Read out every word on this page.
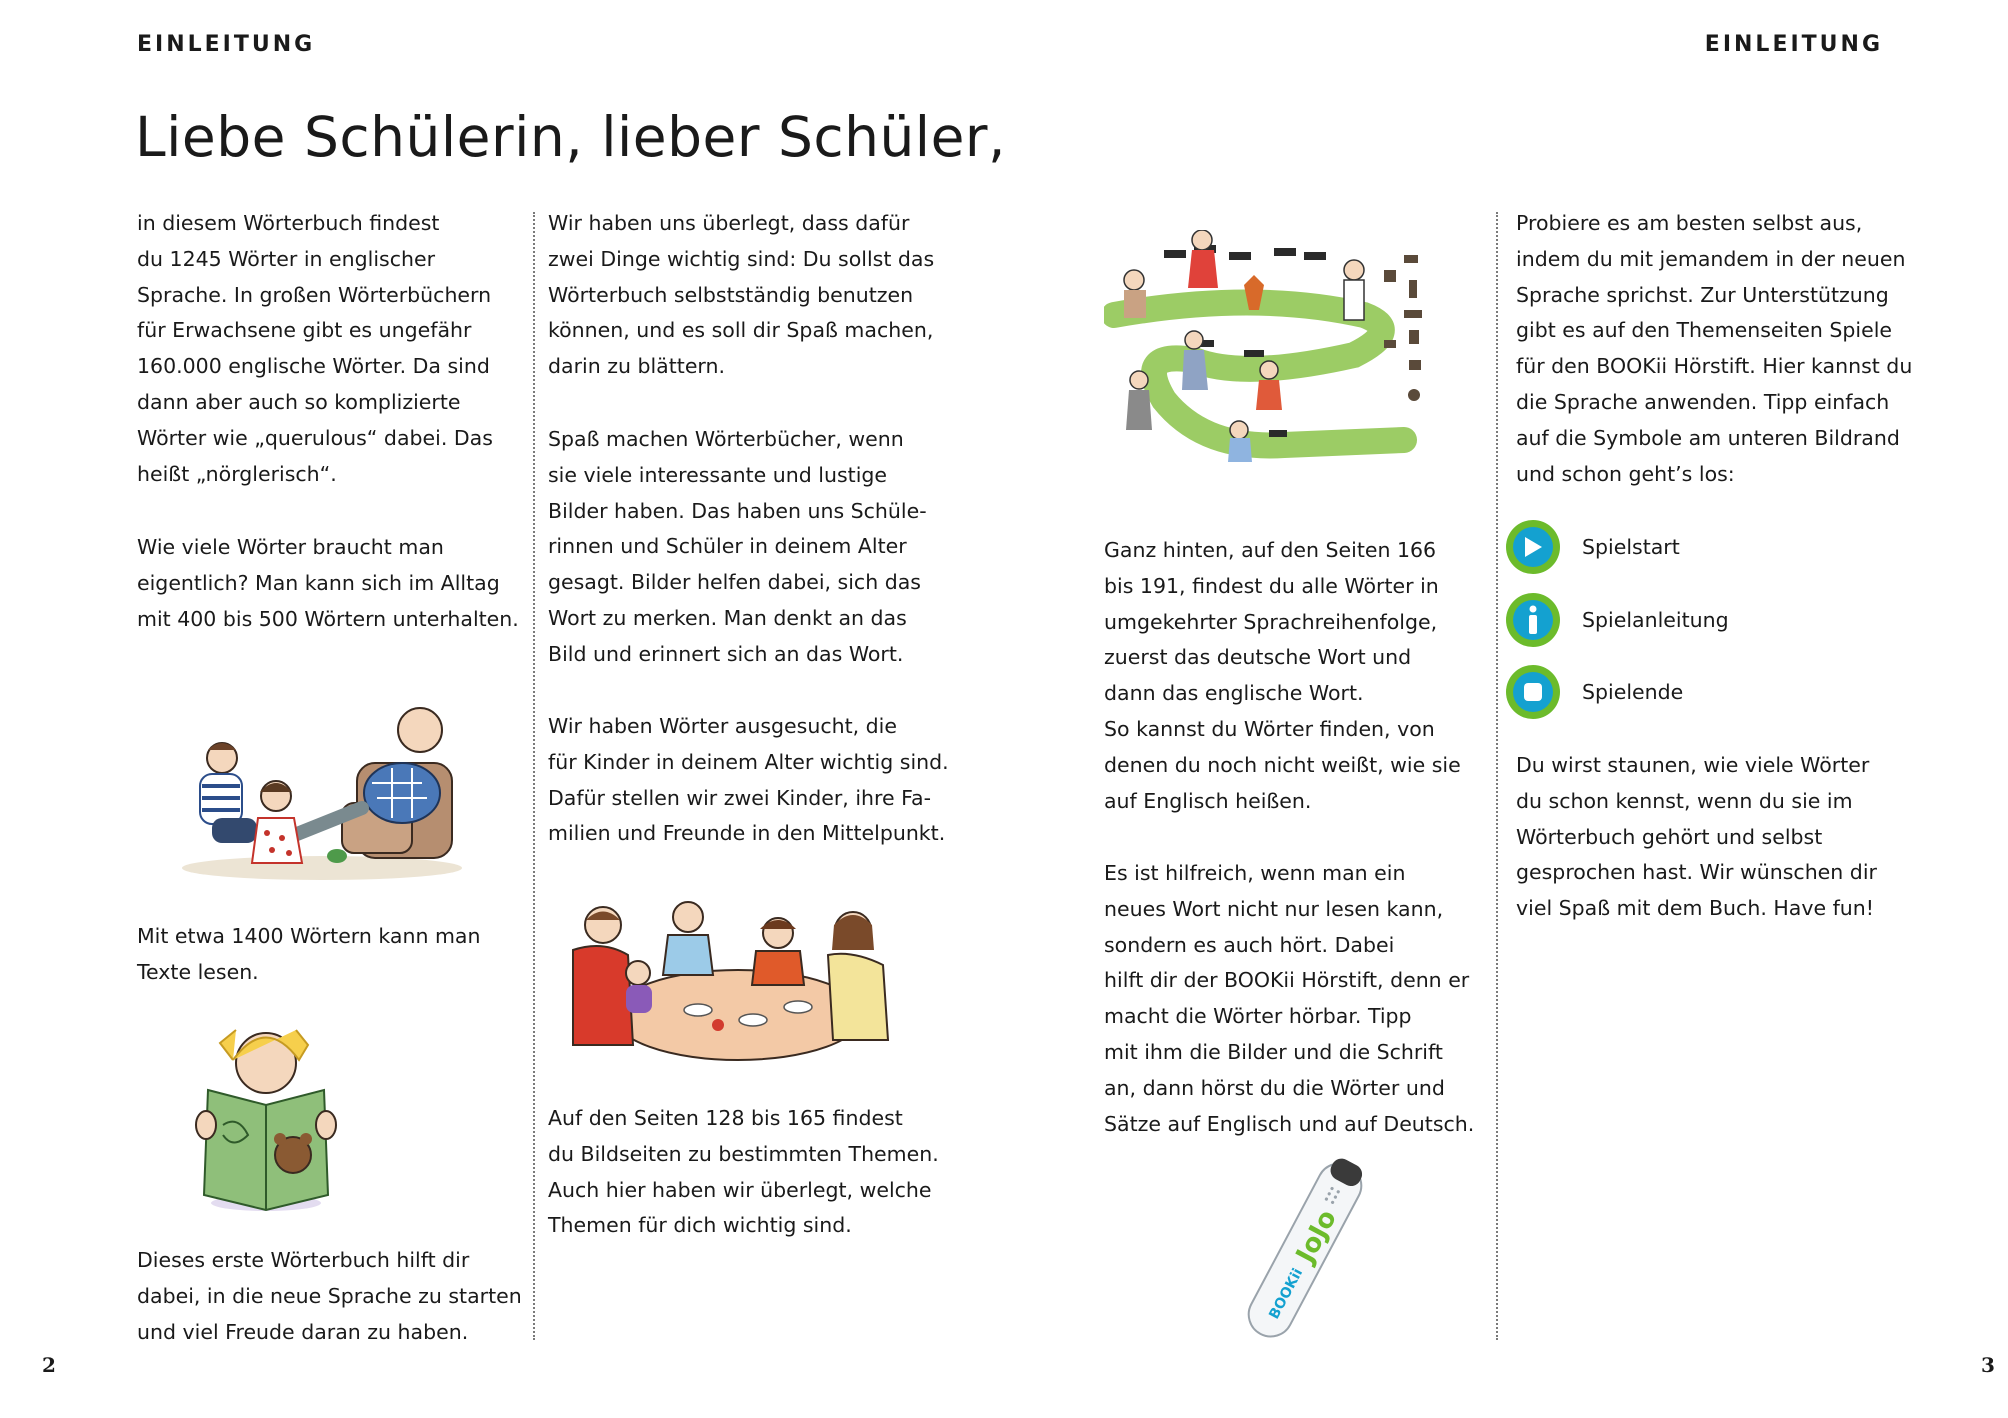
EINLEITUNG	EINLEITUNG
Liebe Schülerin, lieber Schüler,

in diesem Wörterbuch findest

du 1245 Wörter in englischer

Sprache. In großen Wörterbüchern

für Erwachsene gibt es ungefähr

160.000 englische Wörter. Da sind

dann aber auch so komplizierte

Wörter wie „querulous“ dabei. Das

heißt „nörglerisch“.

Wie viele Wörter braucht man

eigentlich? Man kann sich im Alltag

mit 400 bis 500 Wörtern unterhalten.

Mit etwa 1400 Wörtern kann man

Texte lesen.

Dieses erste Wörterbuch hilft dir

dabei, in die neue Sprache zu starten

und viel Freude daran zu haben.

Wir haben uns überlegt, dass dafür

zwei Dinge wichtig sind: Du sollst das

Wörterbuch selbstständig benutzen

können, und es soll dir Spaß machen,

darin zu blättern.

Spaß machen Wörterbücher, wenn

sie viele interessante und lustige

Bilder haben. Das haben uns Schüle-

rinnen und Schüler in deinem Alter

gesagt. Bilder helfen dabei, sich das

Wort zu merken. Man denkt an das

Bild und erinnert sich an das Wort.

Wir haben Wörter ausgesucht, die

für Kinder in deinem Alter wichtig sind.

Dafür stellen wir zwei Kinder, ihre Fa-

milien und Freunde in den Mittelpunkt.

Auf den Seiten 128 bis 165 findest

du Bildseiten zu bestimmten Themen.

Auch hier haben wir überlegt, welche

Themen für dich wichtig sind.

Ganz hinten, auf den Seiten 166

bis 191, findest du alle Wörter in

umgekehrter Sprachreihenfolge,

zuerst das deutsche Wort und

dann das englische Wort.

So kannst du Wörter finden, von

denen du noch nicht weißt, wie sie

auf Englisch heißen.

Es ist hilfreich, wenn man ein

neues Wort nicht nur lesen kann,

sondern es auch hört. Dabei

hilft dir der BOOKii Hörstift, denn er

macht die Wörter hörbar. Tipp

mit ihm die Bilder und die Schrift

an, dann hörst du die Wörter und

Sätze auf Englisch und auf Deutsch.

BOOKii
JoJo

Probiere es am besten selbst aus,

indem du mit jemandem in der neuen

Sprache sprichst. Zur Unterstützung

gibt es auf den Themenseiten Spiele

für den BOOKii Hörstift. Hier kannst du

die Sprache anwenden. Tipp einfach

auf die Symbole am unteren Bildrand

und schon geht’s los:

Spielstart
Spielanleitung
Spielende

Du wirst staunen, wie viele Wörter

du schon kennst, wenn du sie im

Wörterbuch gehört und selbst

gesprochen hast. Wir wünschen dir

viel Spaß mit dem Buch. Have fun!

2	3
